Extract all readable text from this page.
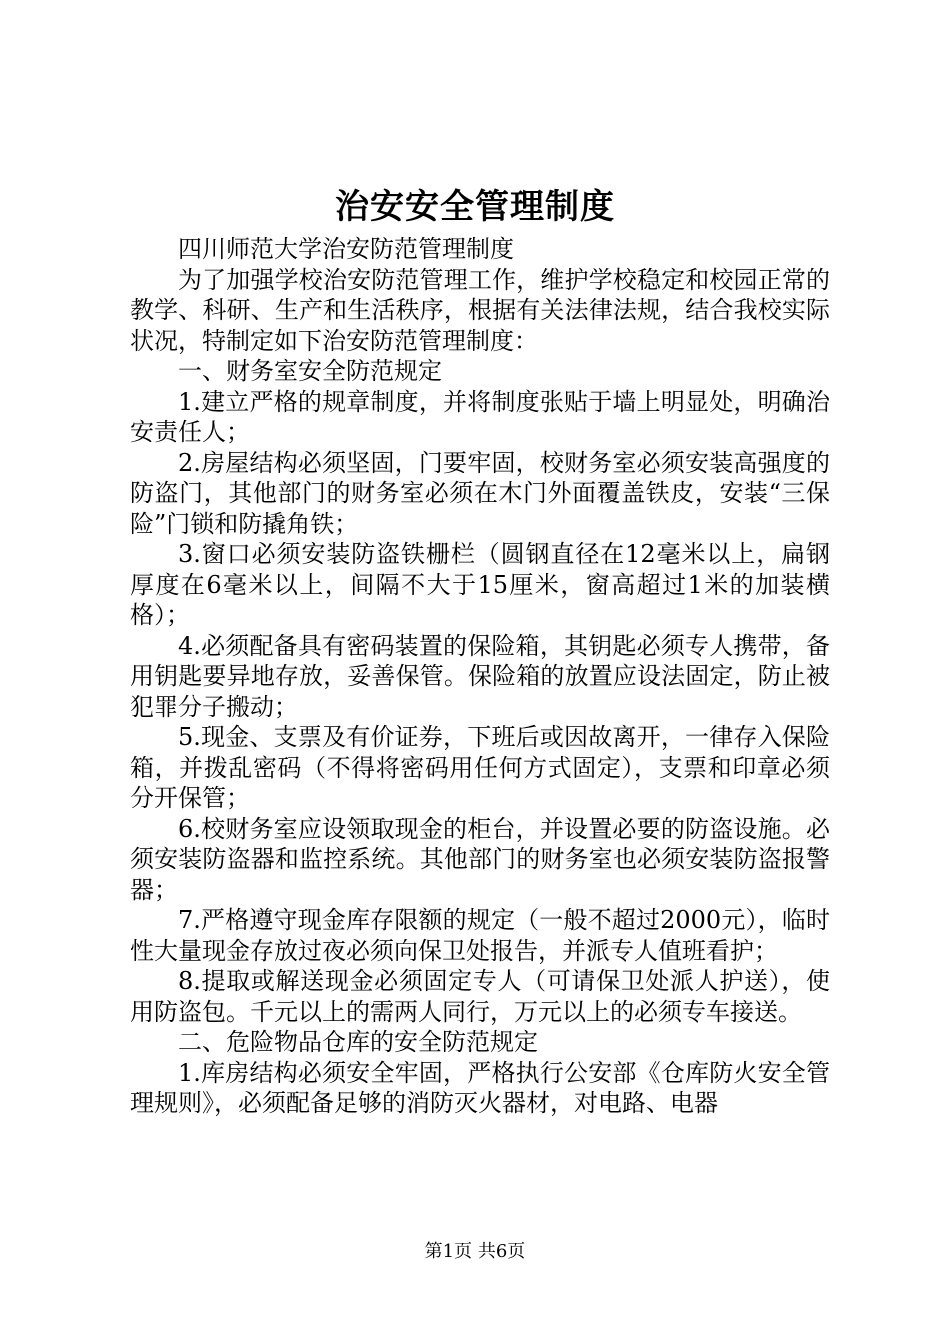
治安安全管理制度

四川师范大学治安防范管理制度

为了加强学校治安防范管理工作，维护学校稳定和校园正常的教学、科研、生产和生活秩序，根据有关法律法规，结合我校实际状况，特制定如下治安防范管理制度：

一、财务室安全防范规定

1.建立严格的规章制度，并将制度张贴于墙上明显处，明确治安责任人；

2.房屋结构必须坚固，门要牢固，校财务室必须安装高强度的防盗门，其他部门的财务室必须在木门外面覆盖铁皮，安装“三保险”门锁和防撬角铁；

3.窗口必须安装防盗铁栅栏（圆钢直径在12毫米以上，扁钢厚度在6毫米以上，间隔不大于15厘米，窗高超过1米的加装横格）；

4.必须配备具有密码装置的保险箱，其钥匙必须专人携带，备用钥匙要异地存放，妥善保管。保险箱的放置应设法固定，防止被犯罪分子搬动；

5.现金、支票及有价证券，下班后或因故离开，一律存入保险箱，并拨乱密码（不得将密码用任何方式固定），支票和印章必须分开保管；

6.校财务室应设领取现金的柜台，并设置必要的防盗设施。必须安装防盗器和监控系统。其他部门的财务室也必须安装防盗报警器；

7.严格遵守现金库存限额的规定（一般不超过2000元），临时性大量现金存放过夜必须向保卫处报告，并派专人值班看护；

8.提取或解送现金必须固定专人（可请保卫处派人护送），使用防盗包。千元以上的需两人同行，万元以上的必须专车接送。

二、危险物品仓库的安全防范规定

1.库房结构必须安全牢固，严格执行公安部《仓库防火安全管理规则》，必须配备足够的消防灭火器材，对电路、电器

第1页 共6页
